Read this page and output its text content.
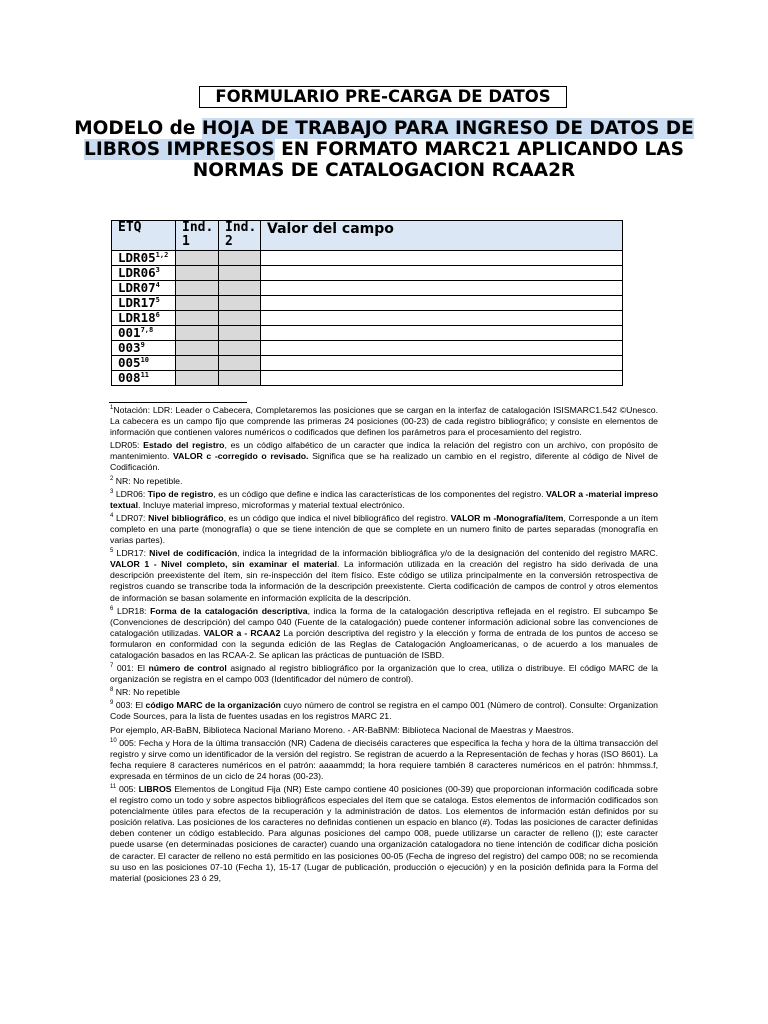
FORMULARIO PRE-CARGA DE DATOS
MODELO de HOJA DE TRABAJO PARA INGRESO DE DATOS DE LIBROS IMPRESOS EN FORMATO MARC21 APLICANDO LAS NORMAS DE CATALOGACION RCAA2R
ETQ	Ind. 1	Ind. 2	Valor del campo
LDR05$^{1,2}$			
$LDR06^3$			
$LDR07^4$			
$LDR17^5$			
$LDR18^6$			
001$^{7,8}$			
$003^9$			
$005^{10}$			
$008^{11}$			

$^1$Notación: LDR: Leader o Cabecera, Completaremos las posiciones que se cargan en la interfaz de catalogación ISISMARC1.542 ©Unesco. La cabecera es un campo fijo que comprende las primeras 24 posiciones (00-23) de cada registro bibliográfico; y consiste en elementos de información que contienen valores numéricos o codificados que definen los parámetros para el procesamiento del registro.

LDR05: Estado del registro, es un código alfabético de un caracter que indica la relación del registro con un archivo, con propósito de mantenimiento. VALOR c -corregido o revisado. Significa que se ha realizado un cambio en el registro, diferente al código de Nivel de Codificación.

$^2$ NR: No repetible.

$^3$ LDR06: Tipo de registro, es un código que define e indica las características de los componentes del registro. VALOR a -material impreso textual. Incluye material impreso, microformas y material textual electrónico.

$^4$ LDR07: Nivel bibliográfico, es un código que indica el nivel bibliográfico del registro. VALOR m -Monografía/ítem, Corresponde a un ítem completo en una parte (monografía) o que se tiene intención de que se complete en un numero finito de partes separadas (monografía en varias partes).

$^5$ LDR17: Nivel de codificación, indica la integridad de la información bibliográfica y/o de la designación del contenido del registro MARC. VALOR 1 - Nivel completo, sin examinar el material. La información utilizada en la creación del registro ha sido derivada de una descripción preexistente del ítem, sin re-inspección del ítem físico. Este código se utiliza principalmente en la conversión retrospectiva de registros cuando se transcribe toda la información de la descripción preexistente. Cierta codificación de campos de control y otros elementos de información se basan solamente en información explícita de la descripción.

$^6$ LDR18: Forma de la catalogación descriptiva, indica la forma de la catalogación descriptiva reflejada en el registro. El subcampo $e (Convenciones de descripción) del campo 040 (Fuente de la catalogación) puede contener información adicional sobre las convenciones de catalogación utilizadas. VALOR a - RCAA2 La porción descriptiva del registro y la elección y forma de entrada de los puntos de acceso se formularon en conformidad con la segunda edición de las Reglas de Catalogación Angloamericanas, o de acuerdo a los manuales de catalogación basados en las RCAA-2. Se aplican las prácticas de puntuación de ISBD.

$^7$ 001: El número de control asignado al registro bibliográfico por la organización que lo crea, utiliza o distribuye. El código MARC de la organización se registra en el campo 003 (Identificador del número de control).

$^8$ NR: No repetible

$^9$ 003: El código MARC de la organización cuyo número de control se registra en el campo 001 (Número de control). Consulte: Organization Code Sources, para la lista de fuentes usadas en los registros MARC 21.

Por ejemplo, AR-BaBN, Biblioteca Nacional Mariano Moreno. - AR-BaBNM: Biblioteca Nacional de Maestras y Maestros.

$^{10}$ 005: Fecha y Hora de la última transacción (NR) Cadena de dieciséis caracteres que especifica la fecha y hora de la última transacción del registro y sirve como un identificador de la versión del registro. Se registran de acuerdo a la Representación de fechas y horas (ISO 8601). La fecha requiere 8 caracteres numéricos en el patrón: aaaammdd; la hora requiere también 8 caracteres numéricos en el patrón: hhmmss.f, expresada en términos de un ciclo de 24 horas (00-23).

$^{11}$ 005: LIBROS Elementos de Longitud Fija (NR) Este campo contiene 40 posiciones (00-39) que proporcionan información codificada sobre el registro como un todo y sobre aspectos bibliográficos especiales del ítem que se cataloga. Estos elementos de información codificados son potencialmente útiles para efectos de la recuperación y la administración de datos. Los elementos de información están definidos por su posición relativa. Las posiciones de los caracteres no definidas contienen un espacio en blanco (#). Todas las posiciones de caracter definidas deben contener un código establecido. Para algunas posiciones del campo 008, puede utilizarse un caracter de relleno (|); este caracter puede usarse (en determinadas posiciones de caracter) cuando una organización catalogadora no tiene intención de codificar dicha posición de caracter. El caracter de relleno no está permitido en las posiciones 00-05 (Fecha de ingreso del registro) del campo 008; no se recomienda su uso en las posiciones 07-10 (Fecha 1), 15-17 (Lugar de publicación, producción o ejecución) y en la posición definida para la Forma del material (posiciones 23 ó 29,
